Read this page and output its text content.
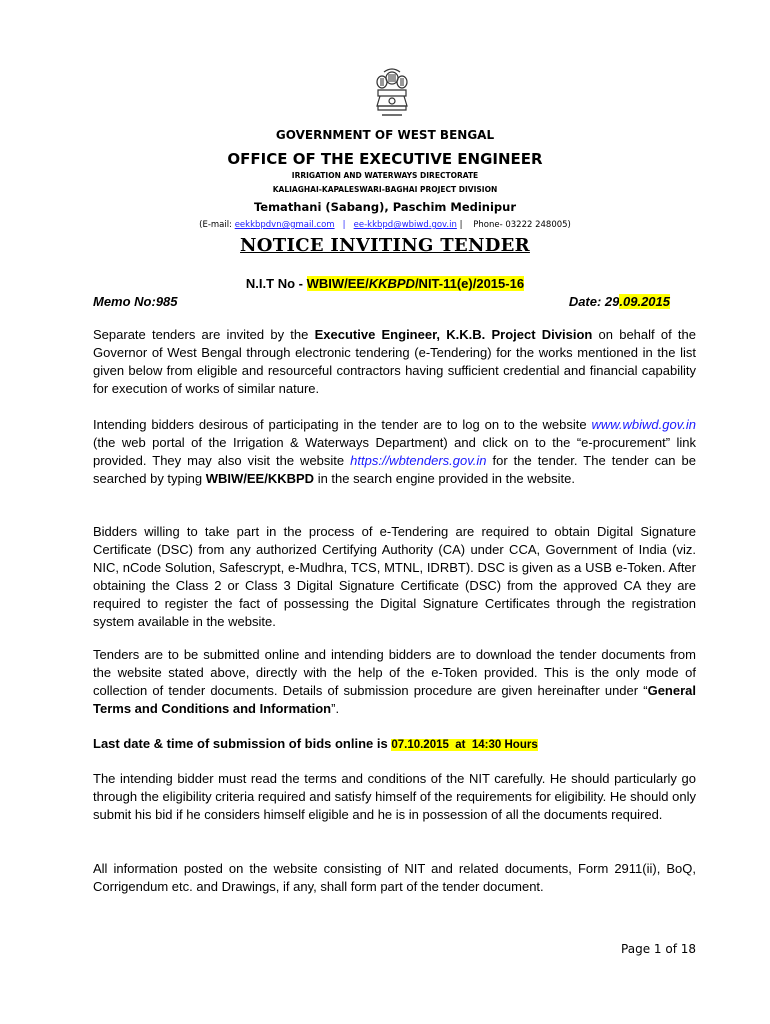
GOVERNMENT OF WEST BENGAL
OFFICE OF THE EXECUTIVE ENGINEER
IRRIGATION AND WATERWAYS DIRECTORATE
KALIAGHAI-KAPALESWARI-BAGHAI PROJECT DIVISION
Temathani (Sabang), Paschim Medinipur
(E-mail: eekkbpdvn@gmail.com   |   ee-kkbpd@wbiwd.gov.in |    Phone- 03222 248005)
NOTICE INVITING TENDER
N.I.T No - WBIW/EE/KKBPD/NIT-11(e)/2015-16
Memo No:985	Date: 29.09.2015

Separate tenders are invited by the Executive Engineer, K.K.B. Project Division on behalf of the Governor of West Bengal through electronic tendering (e-Tendering) for the works mentioned in the list given below from eligible and resourceful contractors having sufficient credential and financial capability for execution of works of similar nature.

Intending bidders desirous of participating in the tender are to log on to the website www.wbiwd.gov.in  (the web portal of the Irrigation & Waterways Department) and click on to the “e-procurement” link provided. They may also visit the website https://wbtenders.gov.in for the tender. The tender can be searched by typing WBIW/EE/KKBPD in the search engine provided in the website.

Bidders willing to take part in the process of e-Tendering are required to obtain Digital Signature Certificate (DSC) from any authorized Certifying Authority (CA) under CCA, Government of India (viz. NIC, nCode Solution, Safescrypt, e-Mudhra, TCS, MTNL, IDRBT). DSC is given as a USB e-Token. After obtaining the Class 2 or Class 3 Digital Signature Certificate (DSC) from the approved CA they are required to register the fact of possessing the Digital Signature Certificates through the registration system available in the website.

Tenders are to be submitted online and intending bidders are to download the tender documents from the website stated above, directly with the help of the e-Token provided. This is the only mode of collection of tender documents. Details of submission procedure are given hereinafter under “General Terms and Conditions and Information”.

Last date & time of submission of bids online is 07.10.2015  at  14:30 Hours

The intending bidder must read the terms and conditions of the NIT carefully. He should particularly go through the eligibility criteria required and satisfy himself of the requirements for eligibility. He should only submit his bid if he considers himself eligible and he is in possession of all the documents required.

All information posted on the website consisting of NIT and related documents, Form 2911(ii), BoQ, Corrigendum etc. and Drawings, if any, shall form part of the tender document.

Page 1 of 18
